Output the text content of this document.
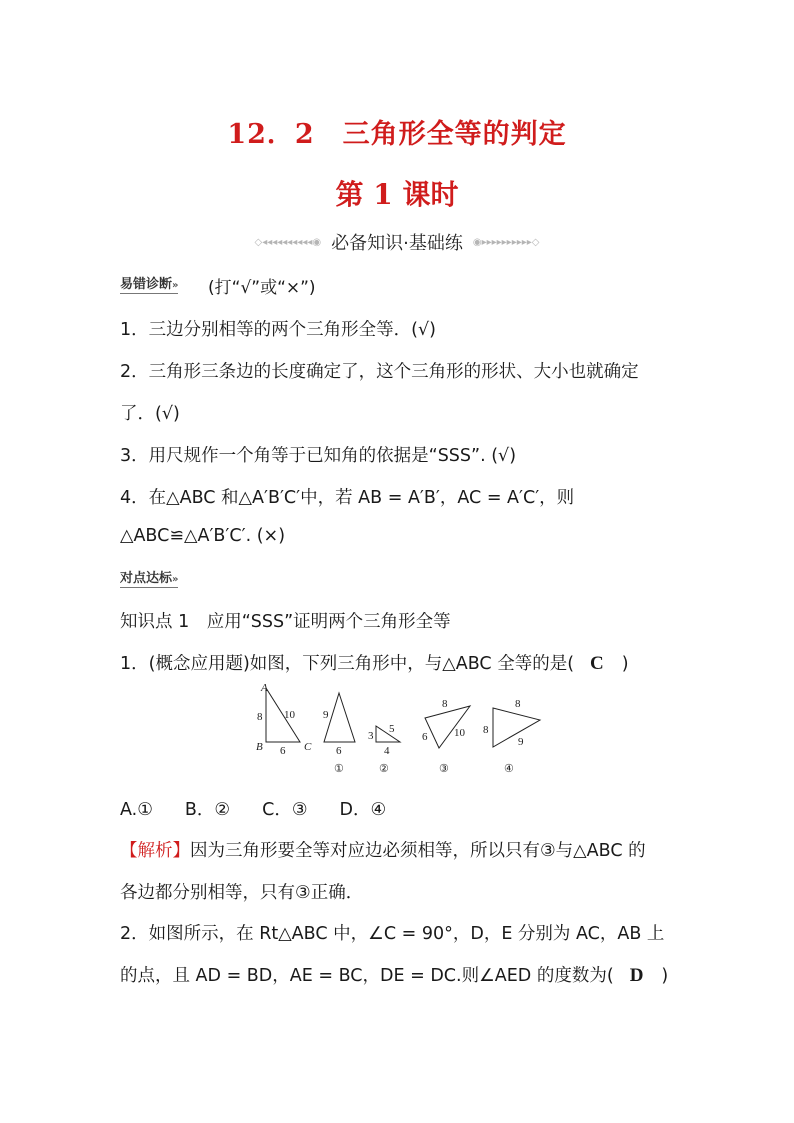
12．2　三角形全等的判定
第 1 课时
◇◂◂◂◂◂◂◂◂◂◂◉ 必备知识·基础练 ◉▸▸▸▸▸▸▸▸▸▸◇
易错诊断» (打“√”或“×”)
1．三边分别相等的两个三角形全等．(√)
2．三角形三条边的长度确定了，这个三角形的形状、大小也就确定
了．(√)
3．用尺规作一个角等于已知角的依据是“SSS”. (√)
4．在△ABC 和△A′B′C′中，若 AB = A′B′，AC = A′C′，则
△ABC≌△A′B′C′. (×)
对点达标»
知识点 1　应用“SSS”证明两个三角形全等
1．(概念应用题)如图，下列三角形中，与△ABC 全等的是( C )
A
B	C
8 10
6
9
6
①
3
5
4
②
6
8
10
③
8
8
9
④
A.① B．② C．③ D．④
【解析】因为三角形要全等对应边必须相等，所以只有③与△ABC 的
各边都分别相等，只有③正确．
2．如图所示，在 Rt△ABC 中，∠C = 90°，D，E 分别为 AC，AB 上
的点，且 AD = BD，AE = BC，DE = DC.则∠AED 的度数为( D )
